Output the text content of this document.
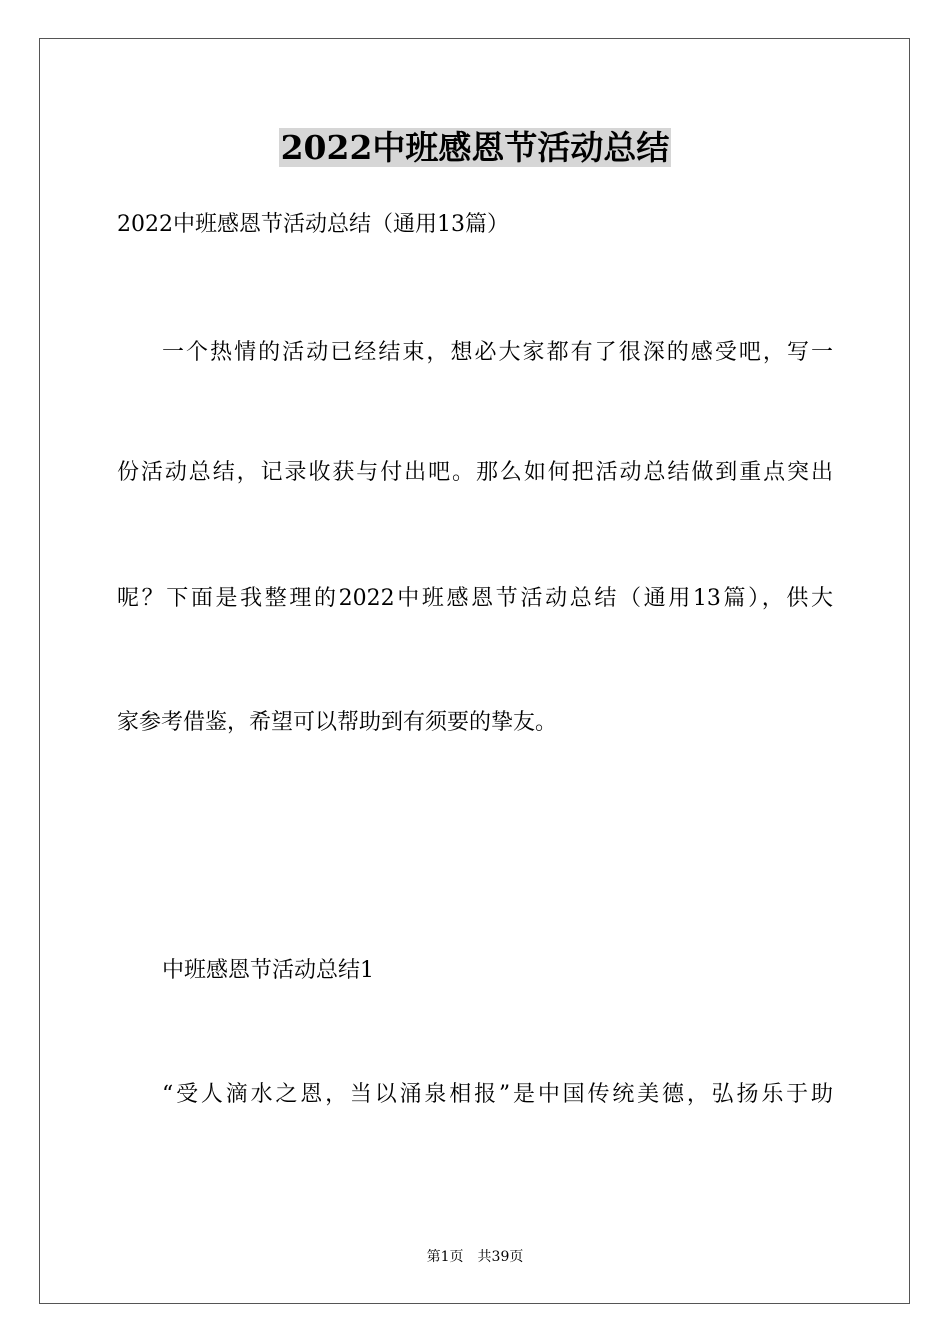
2022中班感恩节活动总结
2022中班感恩节活动总结（通用13篇）
一个热情的活动已经结束，想必大家都有了很深的感受吧，写一
份活动总结，记录收获与付出吧。那么如何把活动总结做到重点突出
呢？下面是我整理的2022中班感恩节活动总结（通用13篇），供大
家参考借鉴，希望可以帮助到有须要的挚友。
中班感恩节活动总结1
“受人滴水之恩，当以涌泉相报”是中国传统美德，弘扬乐于助
第1页　共39页
